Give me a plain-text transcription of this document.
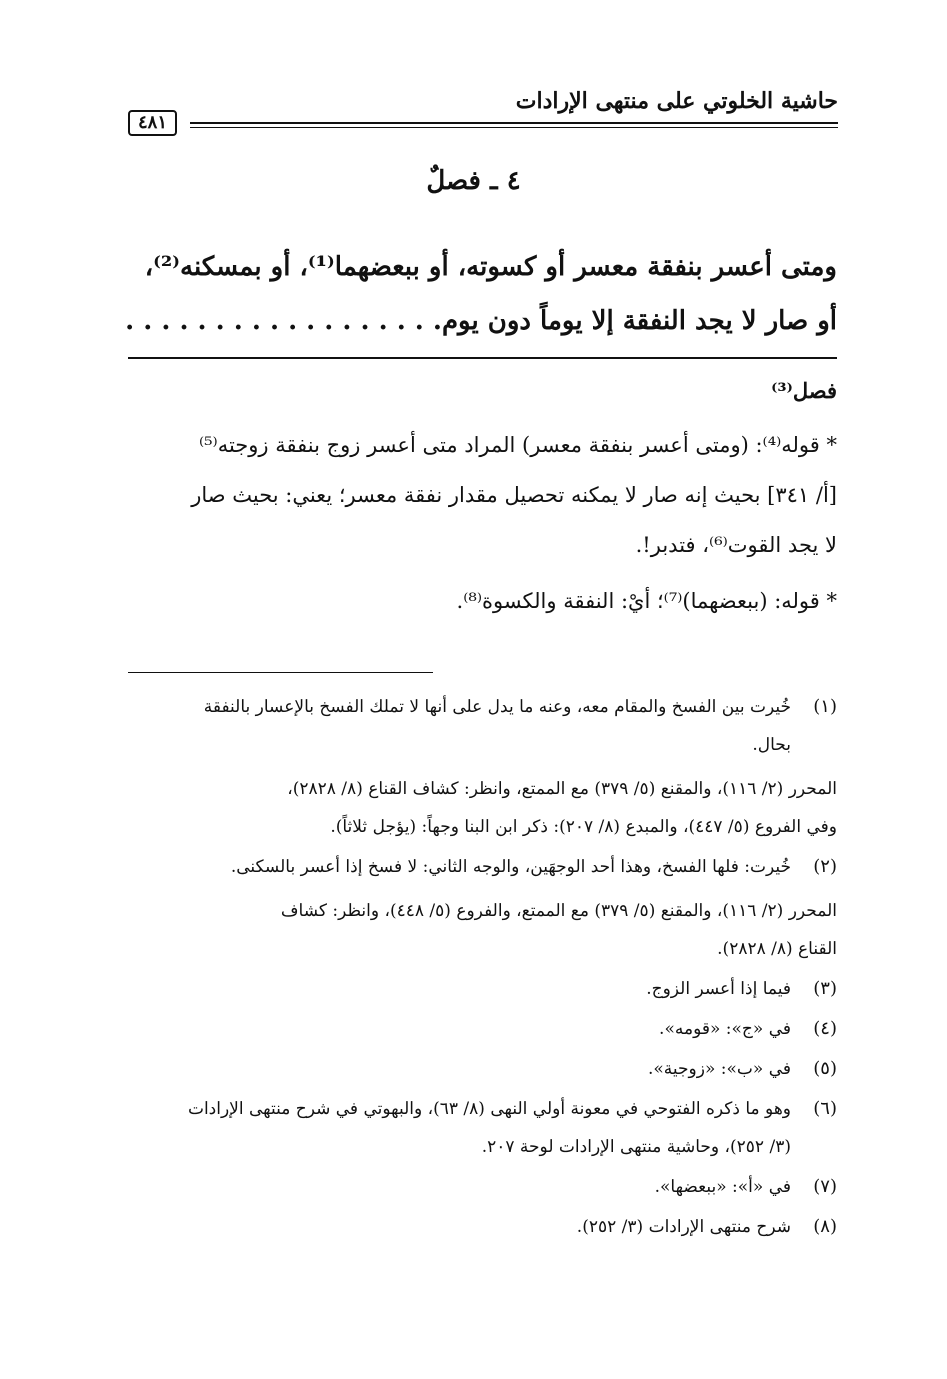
حاشية الخلوتي على منتهى الإرادات
٤٨١
٤ ـ فصلٌ

ومتى أعسر بنفقة معسر أو كسوته، أو ببعضهما⁽¹⁾، أو بمسكنه⁽²⁾،

أو صار لا يجد النفقة إلا يوماً دون يوم. . . . . . . . . . . . . . . . . .

فصل⁽³⁾

* قوله⁽⁴⁾: (ومتى أعسر بنفقة معسر) المراد متى أعسر زوج بنفقة زوجته⁽⁵⁾

[أ/ ٣٤١] بحيث إنه صار لا يمكنه تحصيل مقدار نفقة معسر؛ يعني: بحيث صار

لا يجد القوت⁽⁶⁾، فتدبر!.

* قوله: (ببعضهما)⁽⁷⁾؛ أيْ: النفقة والكسوة⁽⁸⁾.

(١)
خُيرت بين الفسخ والمقام معه، وعنه ما يدل على أنها لا تملك الفسخ بالإعسار بالنفقة
بحال.
المحرر (٢/ ١١٦)، والمقنع (٥/ ٣٧٩) مع الممتع، وانظر: كشاف القناع (٨/ ٢٨٢٨)،
وفي الفروع (٥/ ٤٤٧)، والمبدع (٨/ ٢٠٧): ذكر ابن البنا وجهاً: (يؤجل ثلاثاً).
(٢)
خُيرت: فلها الفسخ، وهذا أحد الوجهَين، والوجه الثاني: لا فسخ إذا أعسر بالسكنى.
المحرر (٢/ ١١٦)، والمقنع (٥/ ٣٧٩) مع الممتع، والفروع (٥/ ٤٤٨)، وانظر: كشاف
القناع (٨/ ٢٨٢٨).
(٣)
فيما إذا أعسر الزوج.
(٤)
في «ج»: «قومه».
(٥)
في «ب»: «زوجية».
(٦)
وهو ما ذكره الفتوحي في معونة أولي النهى (٨/ ٦٣)، والبهوتي في شرح منتهى الإرادات
(٣/ ٢٥٢)، وحاشية منتهى الإرادات لوحة ٢٠٧.
(٧)
في «أ»: «ببعضها».
(٨)
شرح منتهى الإرادات (٣/ ٢٥٢).
